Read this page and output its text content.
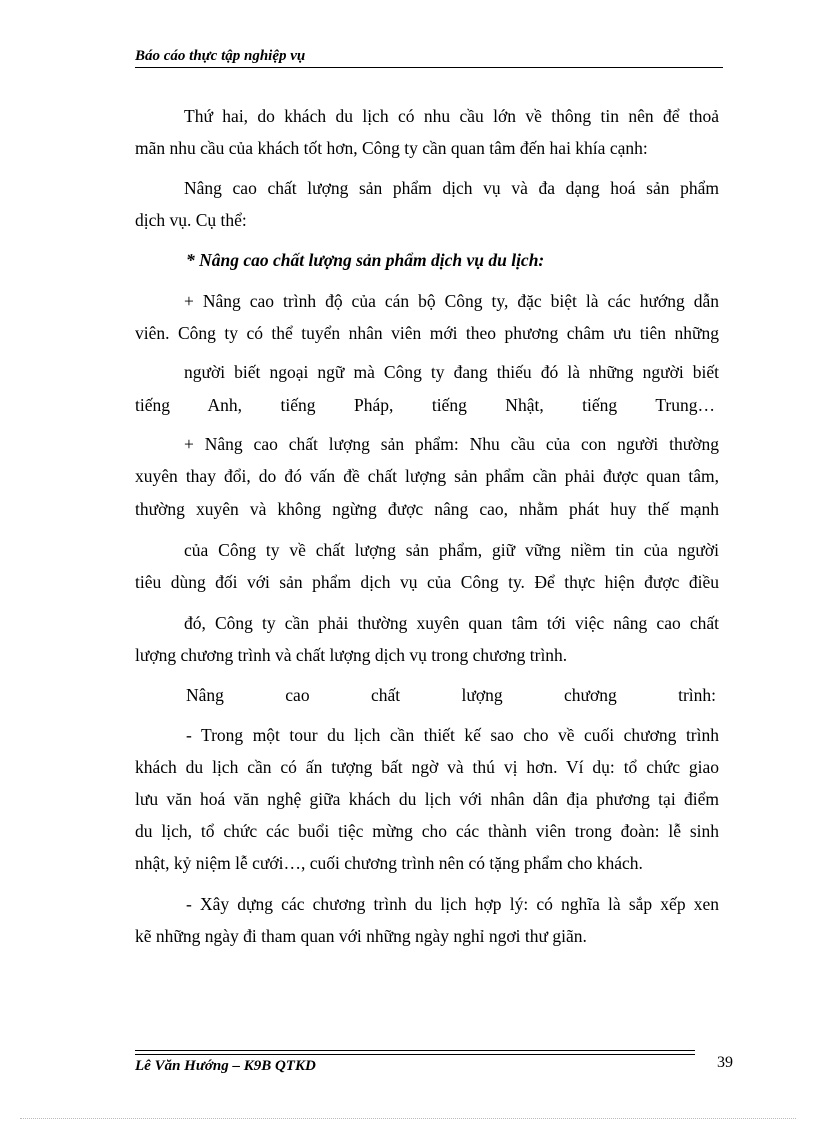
Báo cáo thực tập nghiệp vụ
Thứ hai, do khách du lịch có nhu cầu lớn về thông tin nên để thoả
mãn nhu cầu của khách tốt hơn, Công ty cần quan tâm đến hai khía cạnh:
Nâng cao chất lượng sản phẩm dịch vụ và đa dạng hoá sản phẩm
dịch vụ. Cụ thể:
* Nâng cao chất lượng sản phẩm dịch vụ du lịch:
+ Nâng cao trình độ của cán bộ Công ty, đặc biệt là các hướng dẫn
viên. Công ty có thể tuyển nhân viên mới theo phương châm ưu tiên những
người biết ngoại ngữ mà Công ty đang thiếu đó là những người biết
tiếng Anh, tiếng Pháp, tiếng Nhật, tiếng Trung…
+ Nâng cao chất lượng sản phẩm: Nhu cầu của con người thường
xuyên thay đổi, do đó vấn đề chất lượng sản phẩm cần phải được quan tâm,
thường xuyên và không ngừng được nâng cao, nhằm phát huy thế mạnh
của Công ty về chất lượng sản phẩm, giữ vững niềm tin của người
tiêu dùng đối với sản phẩm dịch vụ của Công ty. Để thực hiện được điều
đó, Công ty cần phải thường xuyên quan tâm tới việc nâng cao chất
lượng chương trình và chất lượng dịch vụ trong chương trình.
Nâng cao chất lượng chương trình:
- Trong một tour du lịch cần thiết kế sao cho về cuối chương trình
khách du lịch cần có ấn tượng bất ngờ và thú vị hơn. Ví dụ: tổ chức giao
lưu văn hoá văn nghệ giữa khách du lịch với nhân dân địa phương tại điểm
du lịch, tổ chức các buổi tiệc mừng cho các thành viên trong đoàn: lễ sinh
nhật, kỷ niệm lễ cưới…, cuối chương trình nên có tặng phẩm cho khách.
- Xây dựng các chương trình du lịch hợp lý: có nghĩa là sắp xếp xen
kẽ những ngày đi tham quan với những ngày nghỉ ngơi thư giãn.
Lê Văn Hướng – K9B QTKD	39
